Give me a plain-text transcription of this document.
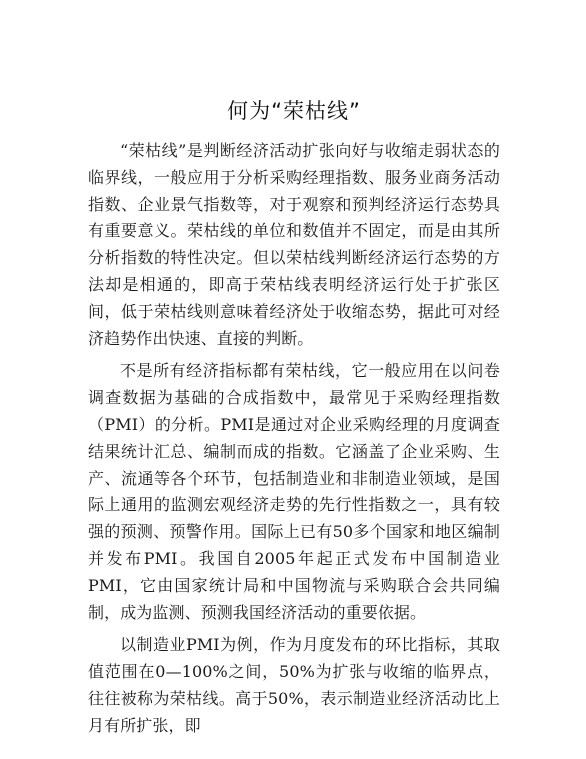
何为“荣枯线”

“荣枯线”是判断经济活动扩张向好与收缩走弱状态的临界线，一般应用于分析采购经理指数、服务业商务活动指数、企业景气指数等，对于观察和预判经济运行态势具有重要意义。荣枯线的单位和数值并不固定，而是由其所分析指数的特性决定。但以荣枯线判断经济运行态势的方法却是相通的，即高于荣枯线表明经济运行处于扩张区间，低于荣枯线则意味着经济处于收缩态势，据此可对经济趋势作出快速、直接的判断。

不是所有经济指标都有荣枯线，它一般应用在以问卷调查数据为基础的合成指数中，最常见于采购经理指数（PMI）的分析。PMI是通过对企业采购经理的月度调查结果统计汇总、编制而成的指数。它涵盖了企业采购、生产、流通等各个环节，包括制造业和非制造业领域，是国际上通用的监测宏观经济走势的先行性指数之一，具有较强的预测、预警作用。国际上已有50多个国家和地区编制并发布PMI。我国自2005年起正式发布中国制造业PMI，它由国家统计局和中国物流与采购联合会共同编制，成为监测、预测我国经济活动的重要依据。

以制造业PMI为例，作为月度发布的环比指标，其取值范围在0—100%之间，50%为扩张与收缩的临界点，往往被称为荣枯线。高于50%，表示制造业经济活动比上月有所扩张，即
